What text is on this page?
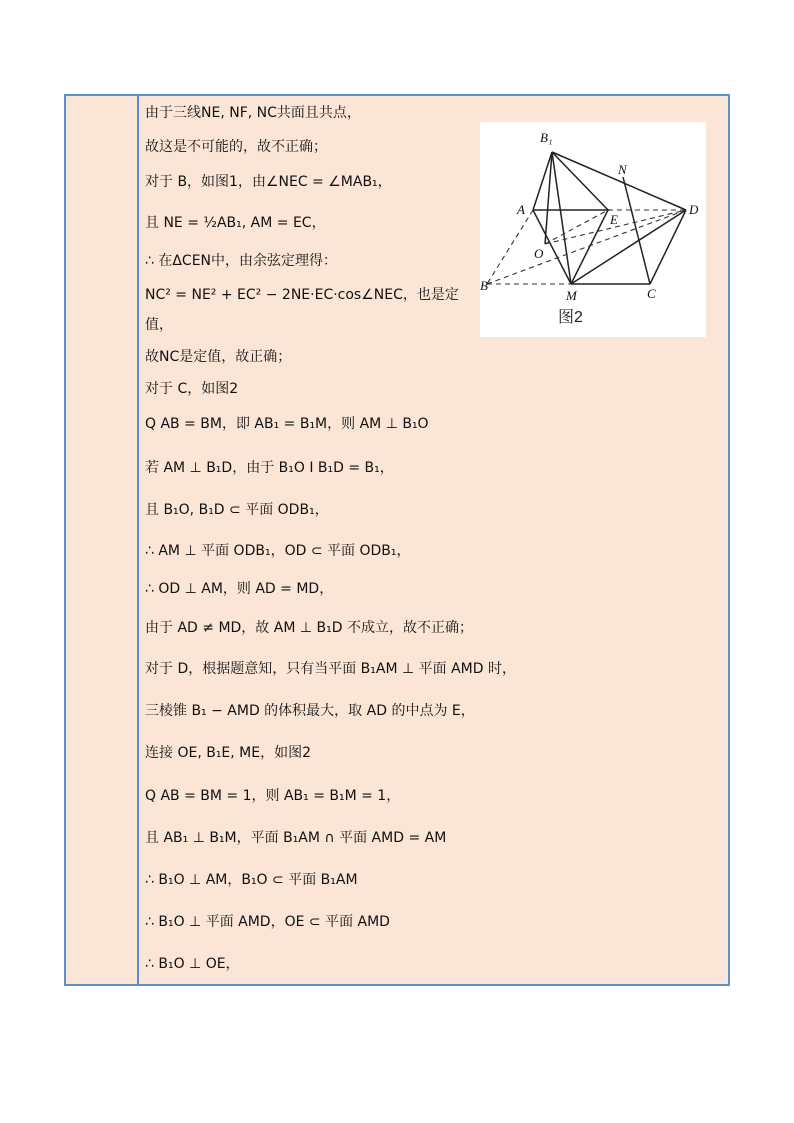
由于三线NE, NF, NC共面且共点，
故这是不可能的，故不正确；
对于 B，如图1，由∠NEC = ∠MAB₁，
且 NE = ½AB₁, AM = EC，
∴ 在ΔCEN中，由余弦定理得：
NC² = NE² + EC² − 2NE·EC·cos∠NEC，也是定
值，
故NC是定值，故正确；
对于 C，如图2
Q AB = BM，即 AB₁ = B₁M，则 AM ⊥ B₁O
若 AM ⊥ B₁D，由于 B₁O I B₁D = B₁，
且 B₁O, B₁D ⊂ 平面 ODB₁，
∴ AM ⊥ 平面 ODB₁，OD ⊂ 平面 ODB₁，
∴ OD ⊥ AM，则 AD = MD，
由于 AD ≠ MD，故 AM ⊥ B₁D 不成立，故不正确；
对于 D，根据题意知，只有当平面 B₁AM ⊥ 平面 AMD 时，
三棱锥 B₁ − AMD 的体积最大，取 AD 的中点为 E，
连接 OE, B₁E, ME，如图2
Q AB = BM = 1，则 AB₁ = B₁M = 1，
且 AB₁ ⊥ B₁M，平面 B₁AM ∩ 平面 AMD = AM
∴ B₁O ⊥ AM，B₁O ⊂ 平面 B₁AM
∴ B₁O ⊥ 平面 AMD，OE ⊂ 平面 AMD
∴ B₁O ⊥ OE，
B₁
N
A
E
D
O
B
M	C
图2
